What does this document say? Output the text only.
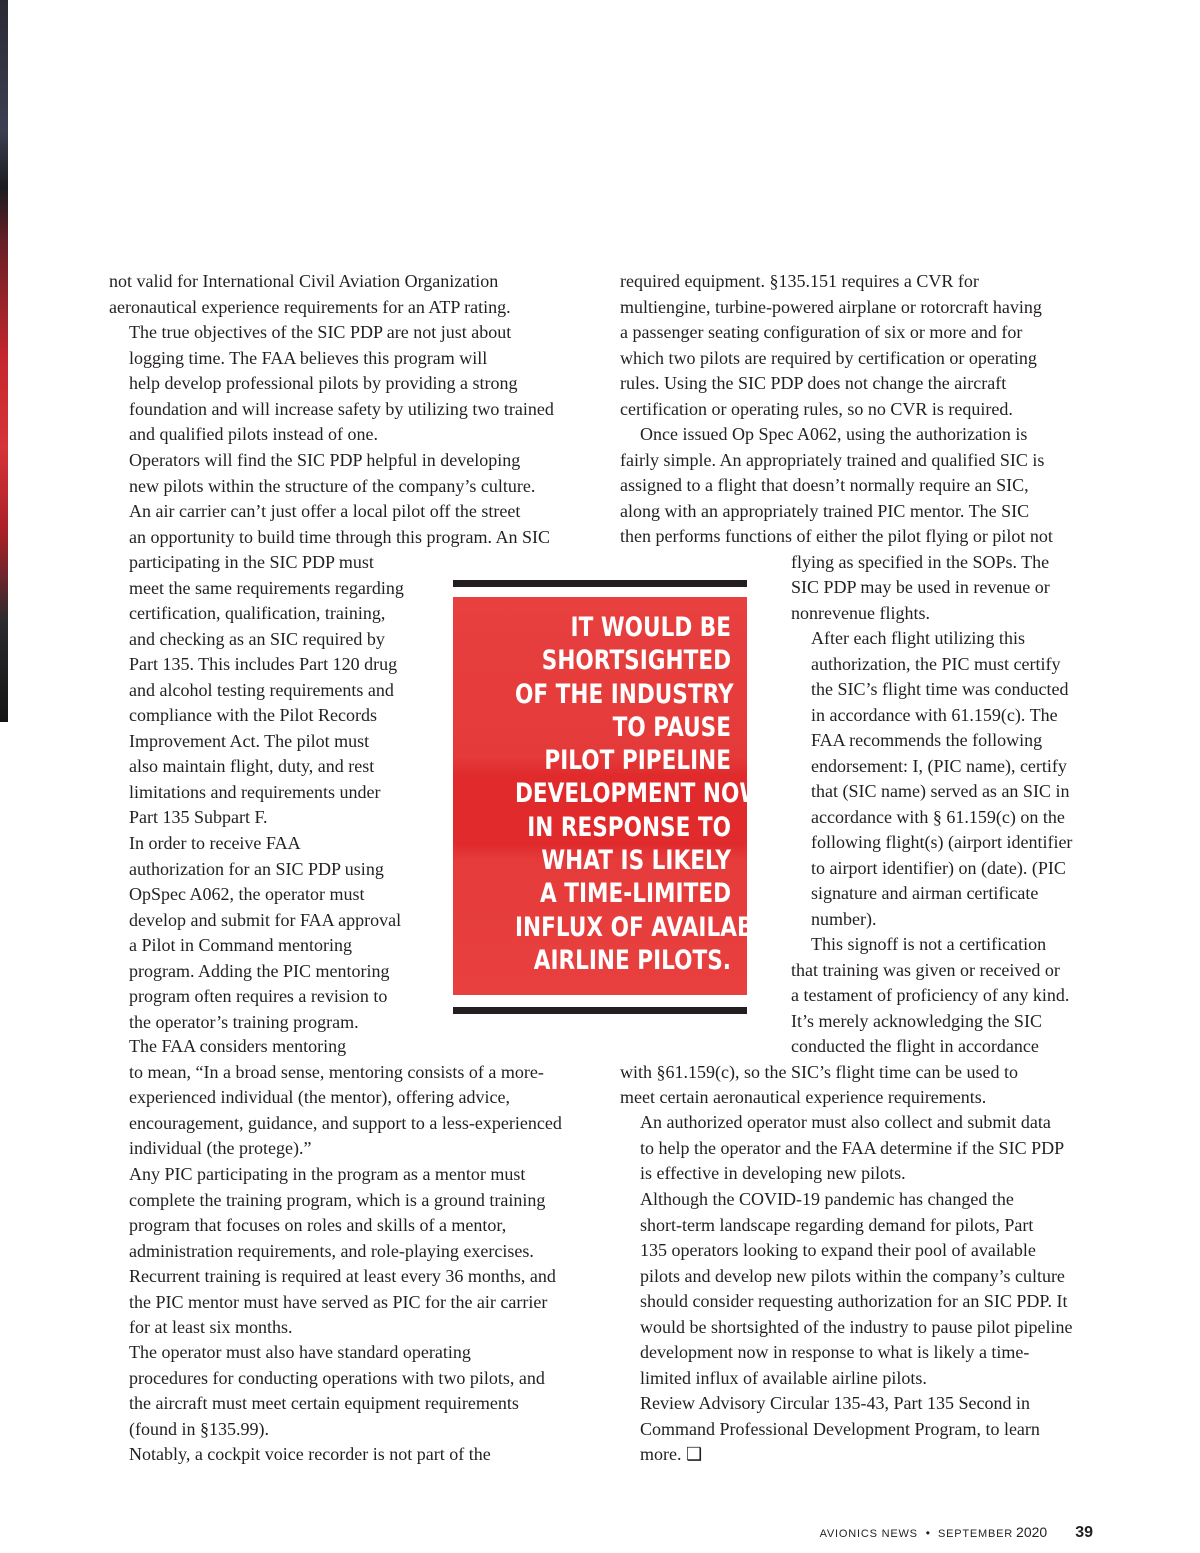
not valid for International Civil Aviation Organization
aeronautical experience requirements for an ATP rating.

The true objectives of the SIC PDP are not just about
logging time. The FAA believes this program will
help develop professional pilots by providing a strong
foundation and will increase safety by utilizing two trained
and qualified pilots instead of one.

Operators will find the SIC PDP helpful in developing
new pilots within the structure of the company’s culture.

An air carrier can’t just offer a local pilot off the street
an opportunity to build time through this program. An SIC
participating in the SIC PDP must
meet the same requirements regarding
certification, qualification, training,
and checking as an SIC required by
Part 135. This includes Part 120 drug
and alcohol testing requirements and
compliance with the Pilot Records
Improvement Act. The pilot must
also maintain flight, duty, and rest
limitations and requirements under
Part 135 Subpart F.

In order to receive FAA
authorization for an SIC PDP using
OpSpec A062, the operator must
develop and submit for FAA approval
a Pilot in Command mentoring
program. Adding the PIC mentoring
program often requires a revision to
the operator’s training program.

The FAA considers mentoring
to mean, “In a broad sense, mentoring consists of a more-
experienced individual (the mentor), offering advice,
encouragement, guidance, and support to a less-experienced
individual (the protege).”

Any PIC participating in the program as a mentor must
complete the training program, which is a ground training
program that focuses on roles and skills of a mentor,
administration requirements, and role-playing exercises.
Recurrent training is required at least every 36 months, and
the PIC mentor must have served as PIC for the air carrier
for at least six months.

The operator must also have standard operating
procedures for conducting operations with two pilots, and
the aircraft must meet certain equipment requirements
(found in §135.99).

Notably, a cockpit voice recorder is not part of the

required equipment. §135.151 requires a CVR for
multiengine, turbine-powered airplane or rotorcraft having
a passenger seating configuration of six or more and for
which two pilots are required by certification or operating
rules. Using the SIC PDP does not change the aircraft
certification or operating rules, so no CVR is required.

Once issued Op Spec A062, using the authorization is
fairly simple. An appropriately trained and qualified SIC is
assigned to a flight that doesn’t normally require an SIC,
along with an appropriately trained PIC mentor. The SIC
then performs functions of either the pilot flying or pilot not
flying as specified in the SOPs. The
SIC PDP may be used in revenue or
nonrevenue flights.

After each flight utilizing this
authorization, the PIC must certify
the SIC’s flight time was conducted
in accordance with 61.159(c). The
FAA recommends the following
endorsement: I, (PIC name), certify
that (SIC name) served as an SIC in
accordance with § 61.159(c) on the
following flight(s) (airport identifier
to airport identifier) on (date). (PIC
signature and airman certificate
number).

This signoff is not a certification
that training was given or received or
a testament of proficiency of any kind.
It’s merely acknowledging the SIC
conducted the flight in accordance
with §61.159(c), so the SIC’s flight time can be used to
meet certain aeronautical experience requirements.

An authorized operator must also collect and submit data
to help the operator and the FAA determine if the SIC PDP
is effective in developing new pilots.

Although the COVID-19 pandemic has changed the
short-term landscape regarding demand for pilots, Part
135 operators looking to expand their pool of available
pilots and develop new pilots within the company’s culture
should consider requesting authorization for an SIC PDP. It
would be shortsighted of the industry to pause pilot pipeline
development now in response to what is likely a time-
limited influx of available airline pilots.

Review Advisory Circular 135-43, Part 135 Second in
Command Professional Development Program, to learn
more. ❑

IT WOULD BE
SHORTSIGHTED
OF THE INDUSTRY
TO PAUSE
PILOT PIPELINE
DEVELOPMENT NOW
IN RESPONSE TO
WHAT IS LIKELY
A TIME-LIMITED
INFLUX OF AVAILABLE
AIRLINE PILOTS.

AVIONICS NEWS • SEPTEMBER 2020 39
